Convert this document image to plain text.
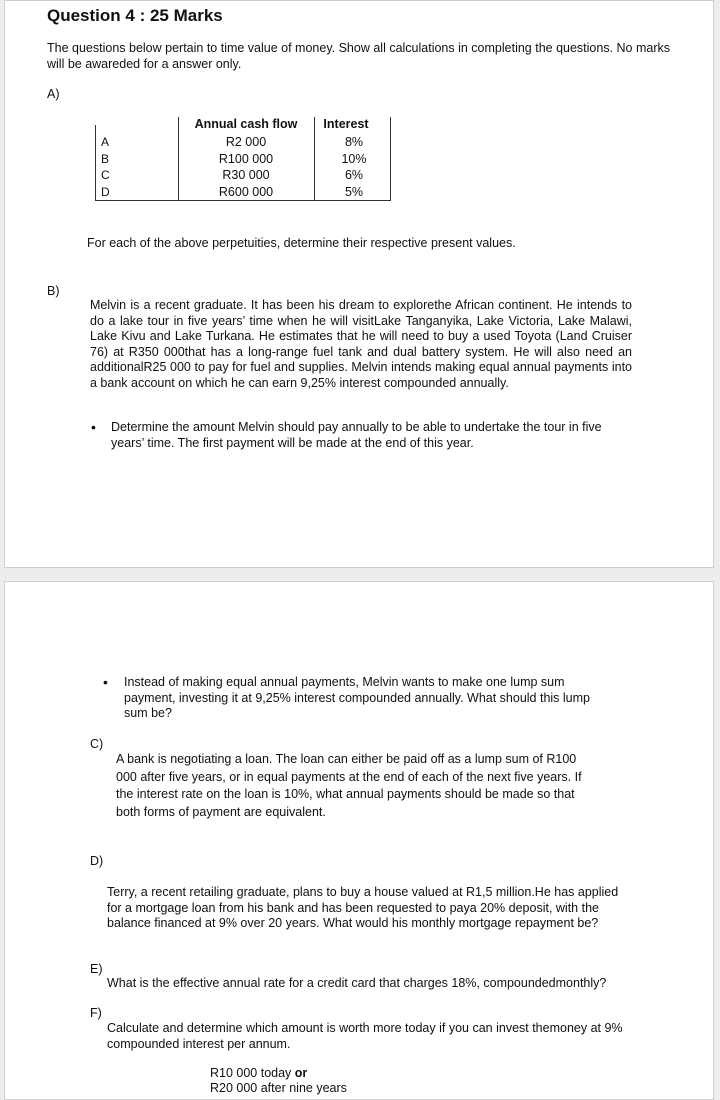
Question 4 : 25 Marks
The questions below pertain to time value of money. Show all calculations in completing the questions. No marks will be awareded for a answer only.
A)
A
B
C
D
Annual cash flow	Interest
R2 000
R100 000
R30 000
R600 000
8%
10%
6%
5%
For each of the above perpetuities, determine their respective present values.
B)
Melvin is a recent graduate. It has been his dream to explorethe African continent. He intends to do a lake tour in five years’ time when he will visitLake Tanganyika, Lake Victoria, Lake Malawi, Lake Kivu and Lake Turkana. He estimates that he will need to buy a used Toyota (Land Cruiser 76) at R350 000that has a long-range fuel tank and dual battery system. He will also need an additionalR25 000 to pay for fuel and supplies. Melvin intends making equal annual payments into a bank account on which he can earn 9,25% interest compounded annually.
• Determine the amount Melvin should pay annually to be able to undertake the tour in five years’ time. The first payment will be made at the end of this year.
• Instead of making equal annual payments, Melvin wants to make one lump sum payment, investing it at 9,25% interest compounded annually. What should this lump sum be?
C)
A bank is negotiating a loan. The loan can either be paid off as a lump sum of R100 000 after five years, or in equal payments at the end of each of the next five years. If the interest rate on the loan is 10%, what annual payments should be made so that both forms of payment are equivalent.
D)
Terry, a recent retailing graduate, plans to buy a house valued at R1,5 million.He has applied for a mortgage loan from his bank and has been requested to paya 20% deposit, with the balance financed at 9% over 20 years. What would his monthly mortgage repayment be?
E)
What is the effective annual rate for a credit card that charges 18%, compoundedmonthly?
F)
Calculate and determine which amount is worth more today if you can invest themoney at 9% compounded interest per annum.
R10 000 today or
R20 000 after nine years
